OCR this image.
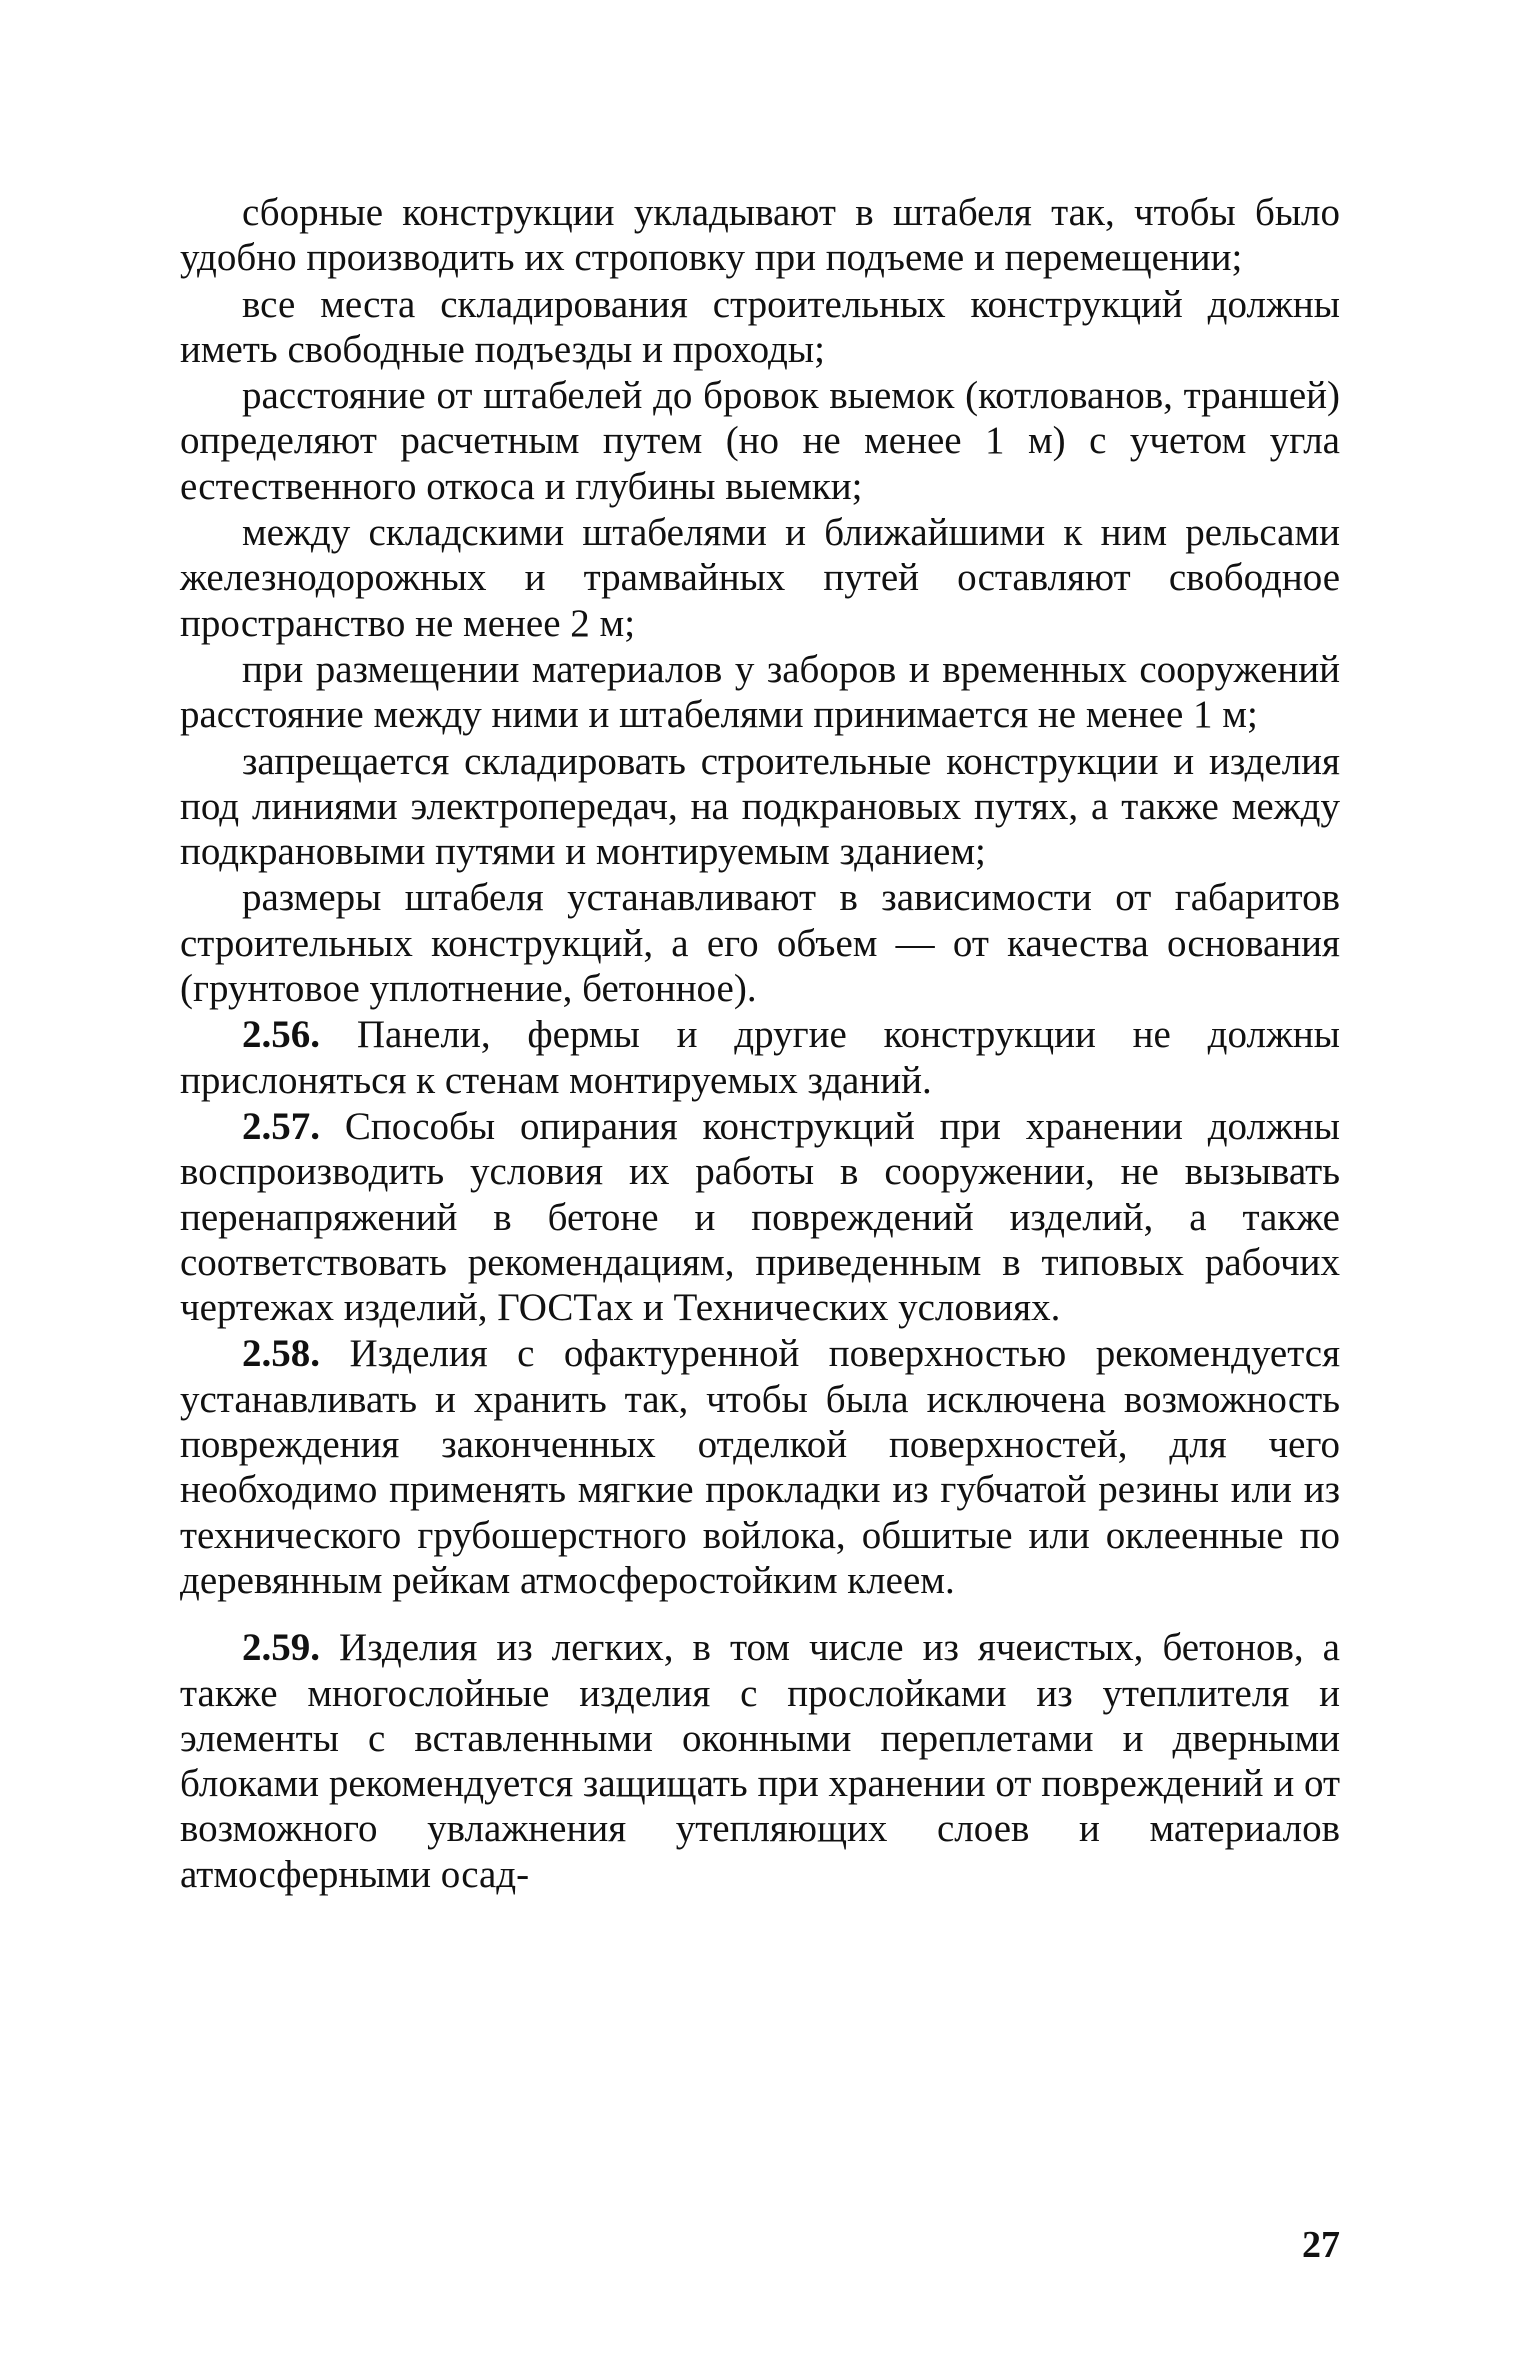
сборные конструкции укладывают в штабеля так, чтобы было удобно производить их строповку при подъеме и перемещении;

все места складирования строительных конструкций должны иметь свободные подъезды и проходы;

расстояние от штабелей до бровок выемок (котлованов, траншей) определяют расчетным путем (но не менее 1 м) с учетом угла естественного откоса и глубины выемки;

между складскими штабелями и ближайшими к ним рельсами железнодорожных и трамвайных путей оставляют свободное пространство не менее 2 м;

при размещении материалов у заборов и временных сооружений расстояние между ними и штабелями принимается не менее 1 м;

запрещается складировать строительные конструкции и изделия под линиями электропередач, на подкрановых путях, а также между подкрановыми путями и монтируемым зданием;

размеры штабеля устанавливают в зависимости от габаритов строительных конструкций, а его объем — от качества основания (грунтовое уплотнение, бетонное).

2.56. Панели, фермы и другие конструкции не должны прислоняться к стенам монтируемых зданий.

2.57. Способы опирания конструкций при хранении должны воспроизводить условия их работы в сооружении, не вызывать перенапряжений в бетоне и повреждений изделий, а также соответствовать рекомендациям, приведенным в типовых рабочих чертежах изделий, ГОСТах и Технических условиях.

2.58. Изделия с офактуренной поверхностью рекомендуется устанавливать и хранить так, чтобы была исключена возможность повреждения законченных отделкой поверхностей, для чего необходимо применять мягкие прокладки из губчатой резины или из технического грубошерстного войлока, обшитые или оклеенные по деревянным рейкам атмосферостойким клеем.

2.59. Изделия из легких, в том числе из ячеистых, бетонов, а также многослойные изделия с прослойками из утеплителя и элементы с вставленными оконными переплетами и дверными блоками рекомендуется защищать при хранении от повреждений и от возможного увлажнения утепляющих слоев и материалов атмосферными осад-

27
